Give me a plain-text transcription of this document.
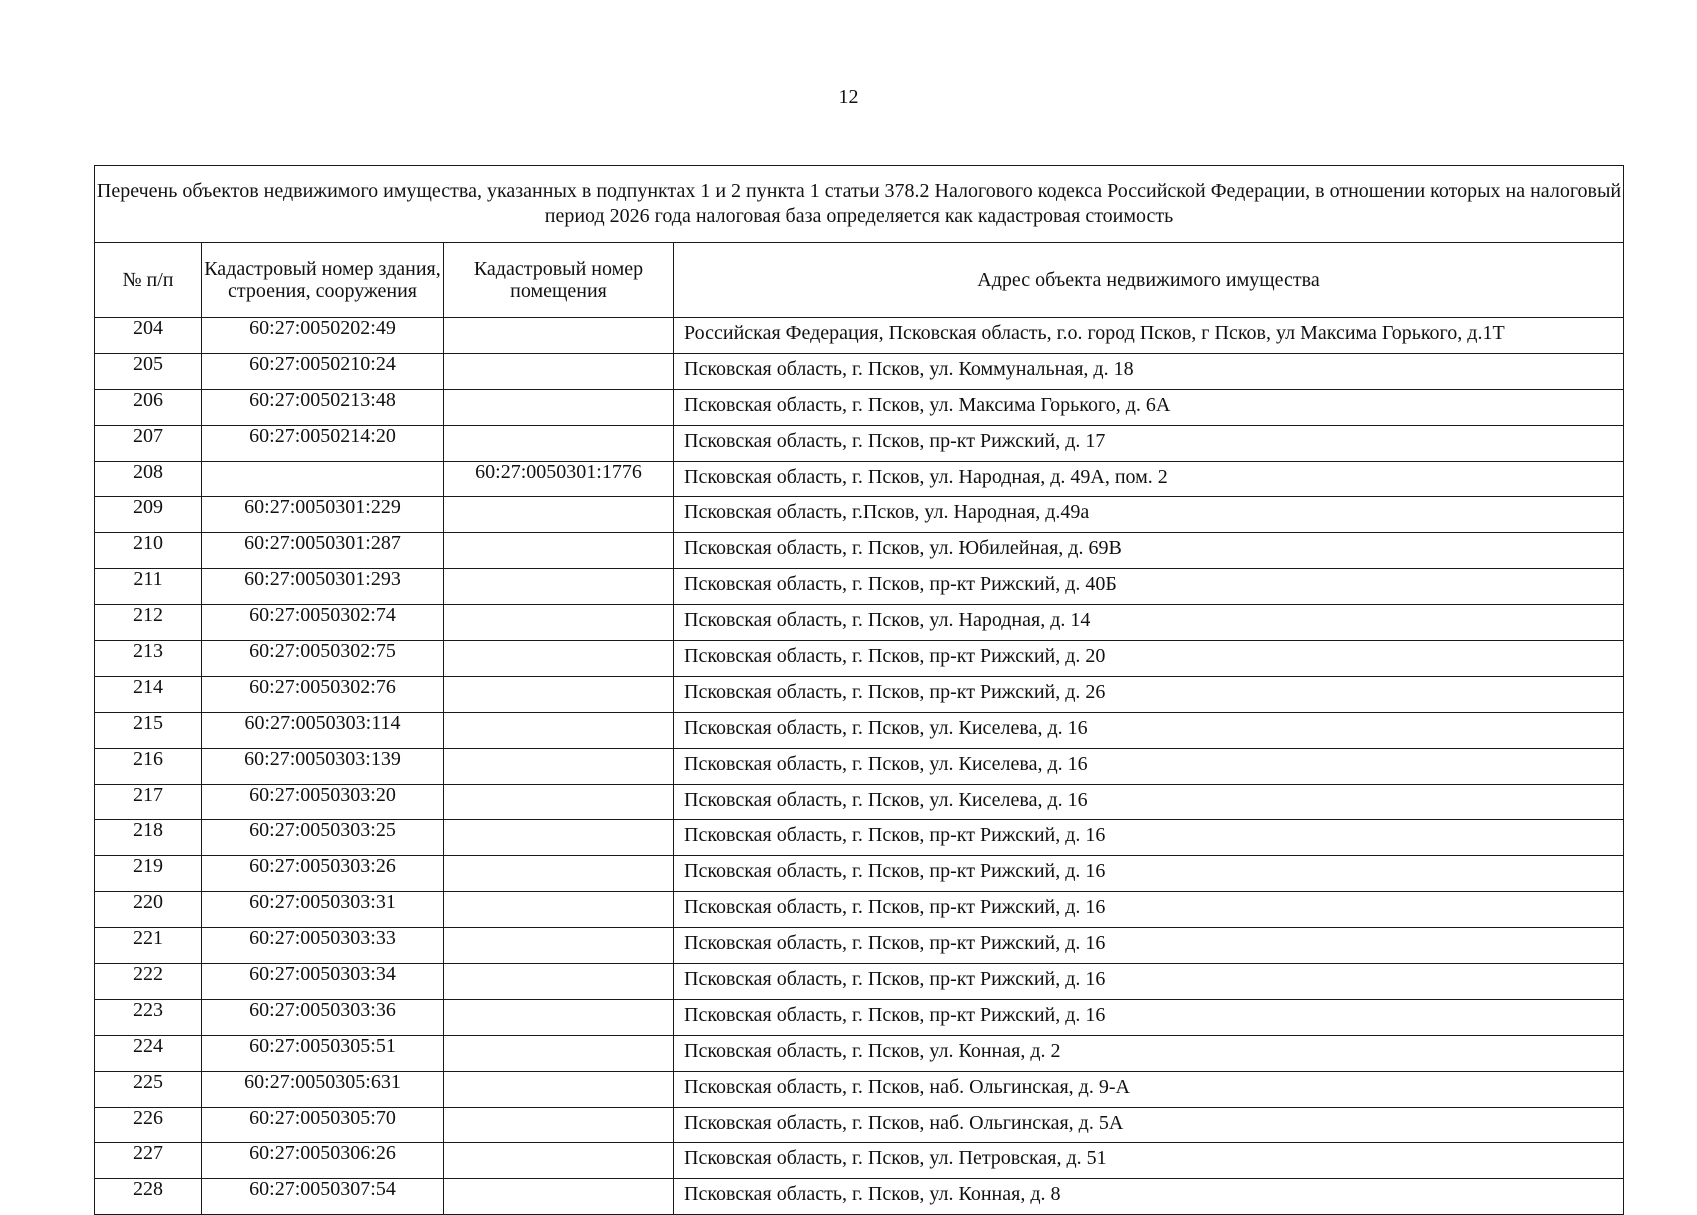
12
Перечень объектов недвижимого имущества, указанных в подпунктах 1 и 2 пункта 1 статьи 378.2 Налогового кодекса Российской Федерации, в отношении которых на налоговый период 2026 года налоговая база определяется как кадастровая стоимость			
№ п/п	Кадастровый номер здания, строения, сооружения	Кадастровый номер помещения	Адрес объекта недвижимого имущества
204	60:27:0050202:49		Российская Федерация, Псковская область, г.о. город Псков, г Псков, ул Максима Горького, д.1Т
205	60:27:0050210:24		Псковская область, г. Псков, ул. Коммунальная, д. 18
206	60:27:0050213:48		Псковская область, г. Псков, ул. Максима Горького, д. 6А
207	60:27:0050214:20		Псковская область, г. Псков, пр-кт Рижский, д. 17
208		60:27:0050301:1776	Псковская область, г. Псков, ул. Народная, д. 49А, пом. 2
209	60:27:0050301:229		Псковская область, г.Псков, ул. Народная, д.49а
210	60:27:0050301:287		Псковская область, г. Псков, ул. Юбилейная, д. 69В
211	60:27:0050301:293		Псковская область, г. Псков, пр-кт Рижский, д. 40Б
212	60:27:0050302:74		Псковская область, г. Псков, ул. Народная, д. 14
213	60:27:0050302:75		Псковская область, г. Псков, пр-кт Рижский, д. 20
214	60:27:0050302:76		Псковская область, г. Псков, пр-кт Рижский, д. 26
215	60:27:0050303:114		Псковская область, г. Псков, ул. Киселева, д. 16
216	60:27:0050303:139		Псковская область, г. Псков, ул. Киселева, д. 16
217	60:27:0050303:20		Псковская область, г. Псков, ул. Киселева, д. 16
218	60:27:0050303:25		Псковская область, г. Псков, пр-кт Рижский, д. 16
219	60:27:0050303:26		Псковская область, г. Псков, пр-кт Рижский, д. 16
220	60:27:0050303:31		Псковская область, г. Псков, пр-кт Рижский, д. 16
221	60:27:0050303:33		Псковская область, г. Псков, пр-кт Рижский, д. 16
222	60:27:0050303:34		Псковская область, г. Псков, пр-кт Рижский, д. 16
223	60:27:0050303:36		Псковская область, г. Псков, пр-кт Рижский, д. 16
224	60:27:0050305:51		Псковская область, г. Псков, ул. Конная, д. 2
225	60:27:0050305:631		Псковская область, г. Псков, наб. Ольгинская, д. 9-А
226	60:27:0050305:70		Псковская область, г. Псков, наб. Ольгинская, д. 5А
227	60:27:0050306:26		Псковская область, г. Псков, ул. Петровская, д. 51
228	60:27:0050307:54		Псковская область, г. Псков, ул. Конная, д. 8
